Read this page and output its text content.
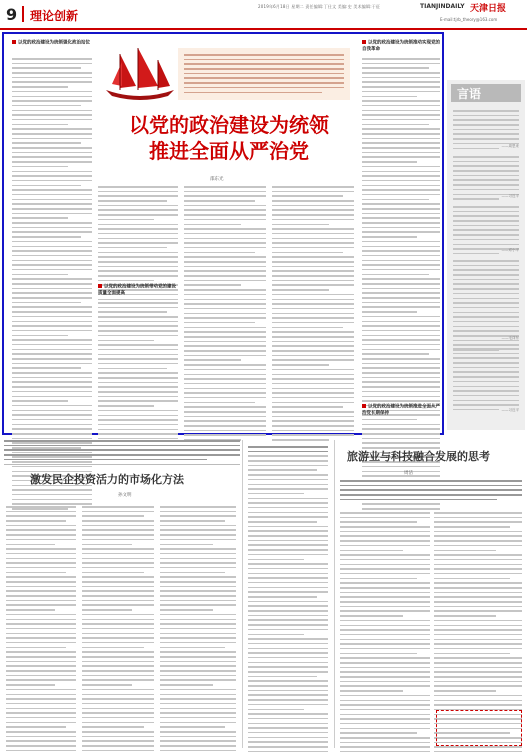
9 理论创新
2019年6月18日 星期二 责任编辑:丁仕文 美编:史 美术编辑:于征	TIANJINDAILY 天津日报
E-mail:tjrb_theory@163.com
以党的政治建设为统领强化政治站位
以党的政治建设为统领
推进全面从严治党
邵东光
以党的政治建设为统领带动党的建设质量全面提高
以党的政治建设为统领推动实现党的自我革命
以党的政治建设为统领推进全面从严治党长期保持
言语
——周恩来
——习近平
——邓小平
——毛泽东
——习近平
激发民企投资活力的市场化方法
孙文明
旅游业与科技融合发展的思考
周洁
